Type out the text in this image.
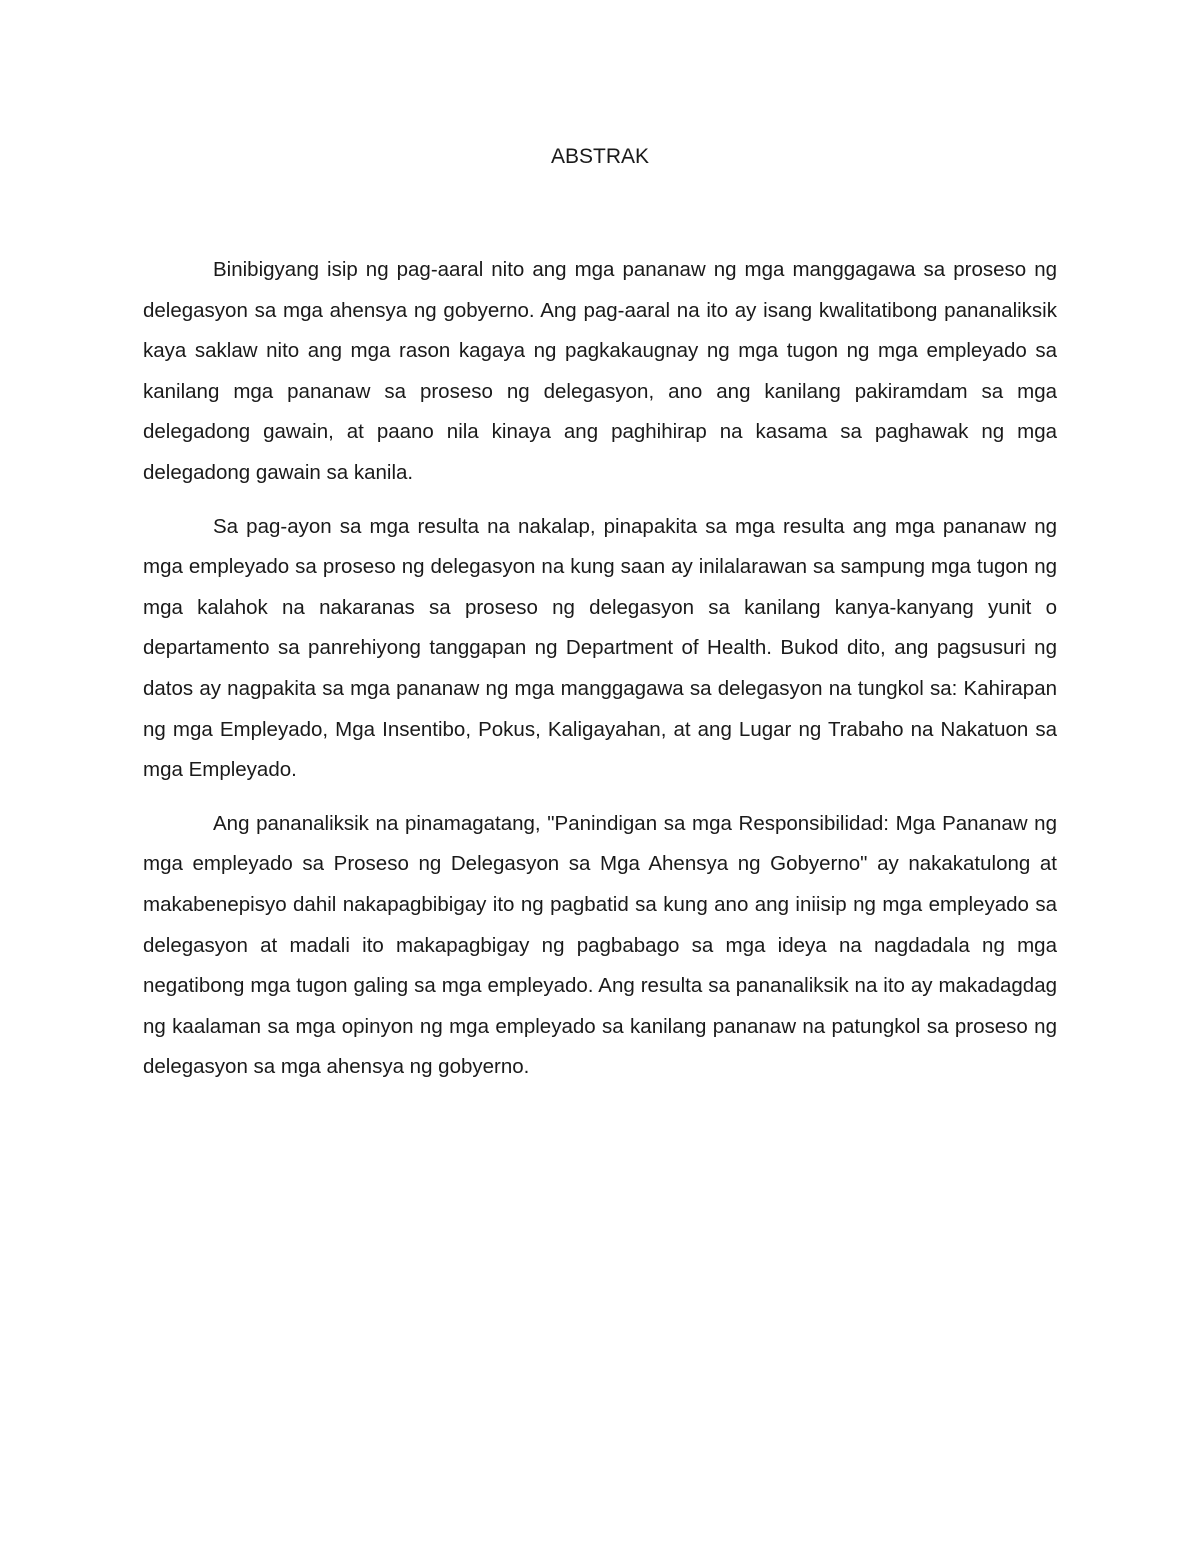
ABSTRAK

Binibigyang isip ng pag-aaral nito ang mga pananaw ng mga manggagawa sa proseso ng delegasyon sa mga ahensya ng gobyerno. Ang pag-aaral na ito ay isang kwalitatibong pananaliksik kaya saklaw nito ang mga rason kagaya ng pagkakaugnay ng mga tugon ng mga empleyado sa kanilang mga pananaw sa proseso ng delegasyon, ano ang kanilang pakiramdam sa mga delegadong gawain, at paano nila kinaya ang paghihirap na kasama sa paghawak ng mga delegadong gawain sa kanila.

Sa pag-ayon sa mga resulta na nakalap, pinapakita sa mga resulta ang mga pananaw ng mga empleyado sa proseso ng delegasyon na kung saan ay inilalarawan sa sampung mga tugon ng mga kalahok na nakaranas sa proseso ng delegasyon sa kanilang kanya-kanyang yunit o departamento sa panrehiyong tanggapan ng Department of Health. Bukod dito, ang pagsusuri ng datos ay nagpakita sa mga pananaw ng mga manggagawa sa delegasyon na tungkol sa: Kahirapan ng mga Empleyado, Mga Insentibo, Pokus, Kaligayahan, at ang Lugar ng Trabaho na Nakatuon sa mga Empleyado.

Ang pananaliksik na pinamagatang, "Panindigan sa mga Responsibilidad: Mga Pananaw ng mga empleyado sa Proseso ng Delegasyon sa Mga Ahensya ng Gobyerno" ay nakakatulong at makabenepisyo dahil nakapagbibigay ito ng pagbatid sa kung ano ang iniisip ng mga empleyado sa delegasyon at madali ito makapagbigay ng pagbabago sa mga ideya na nagdadala ng mga negatibong mga tugon galing sa mga empleyado. Ang resulta sa pananaliksik na ito ay makadagdag ng kaalaman sa mga opinyon ng mga empleyado sa kanilang pananaw na patungkol sa proseso ng delegasyon sa mga ahensya ng gobyerno.
